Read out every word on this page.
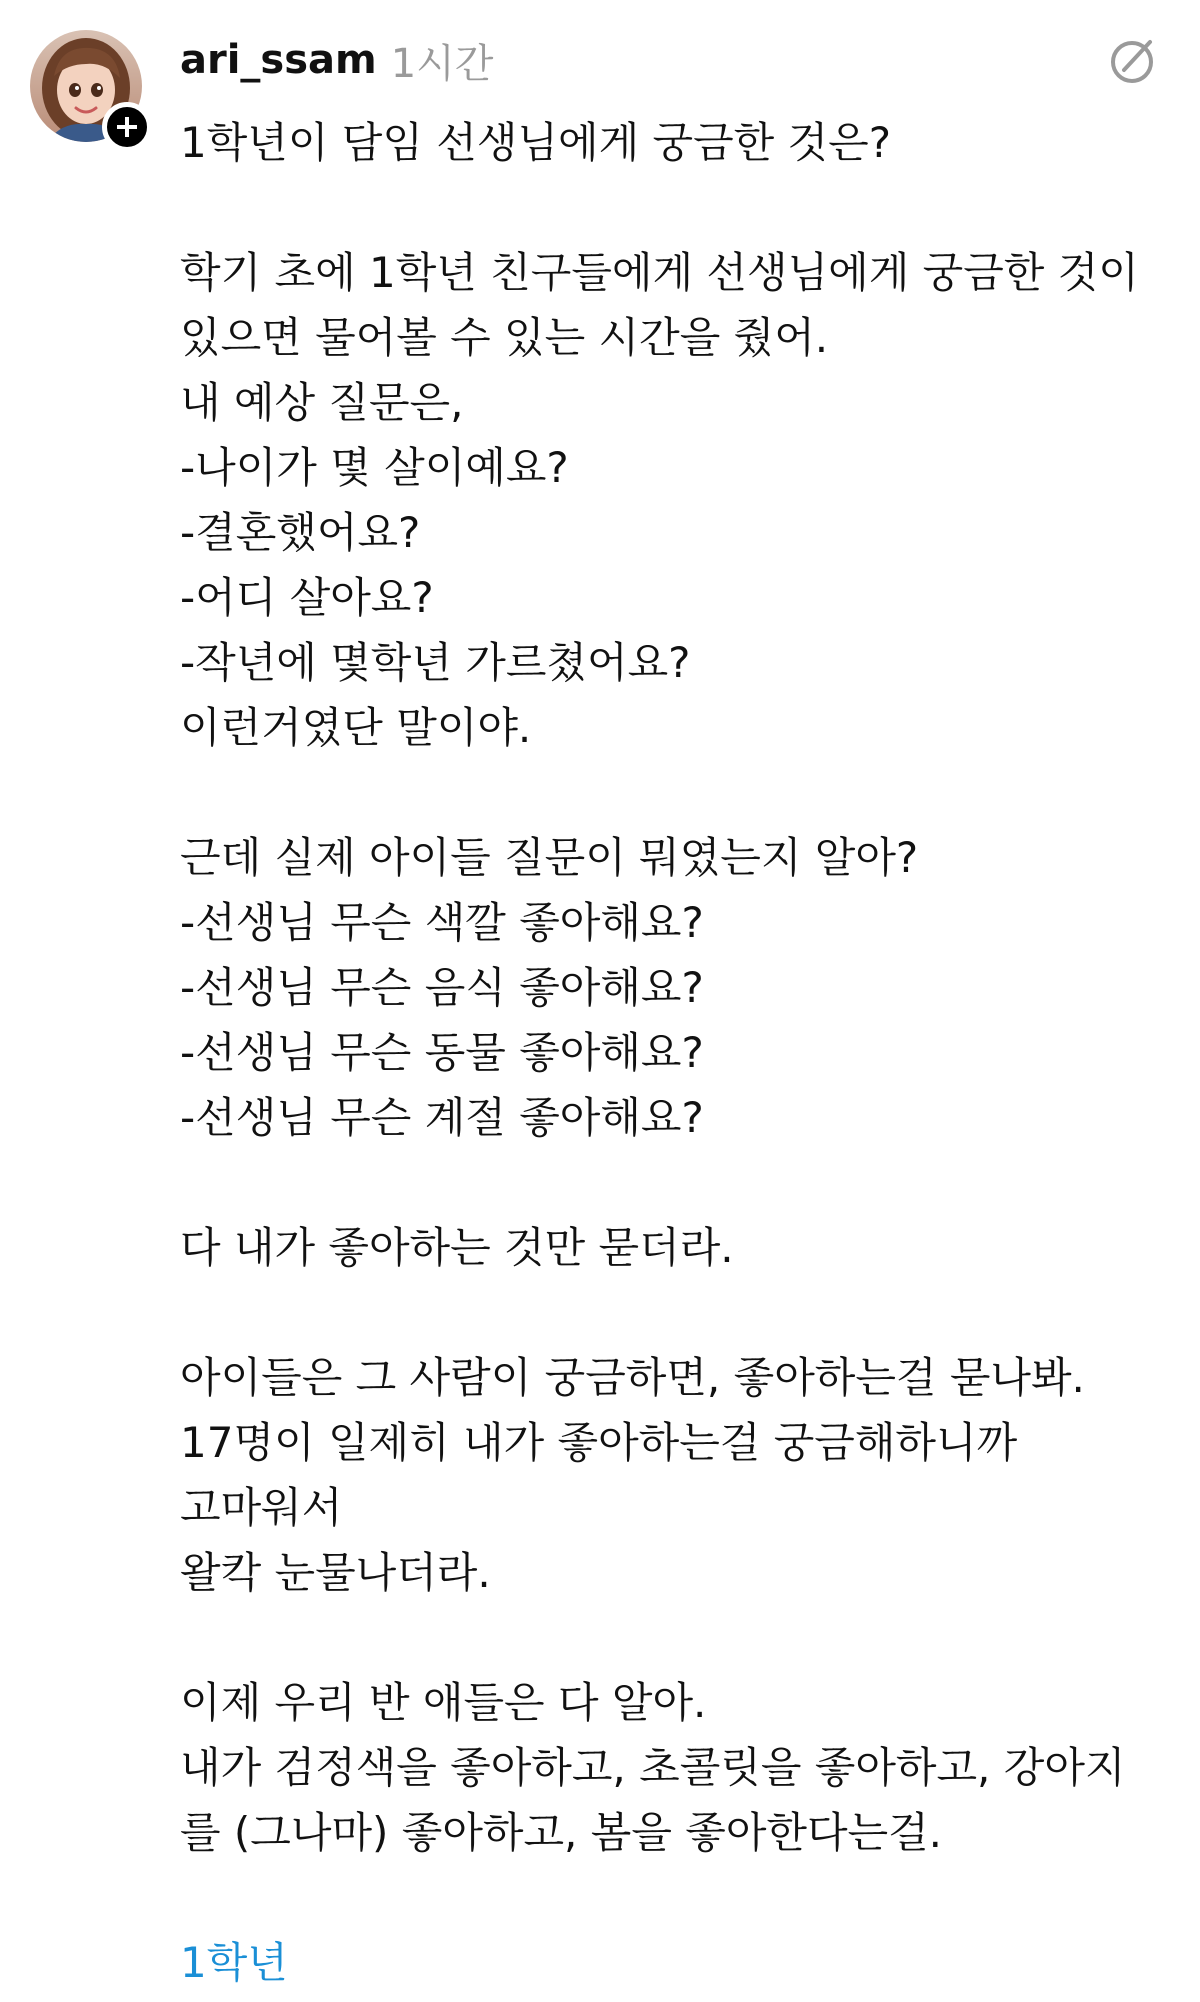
ari_ssam 1시간

1학년이 담임 선생님에게 궁금한 것은?

학기 초에 1학년 친구들에게 선생님에게 궁금한 것이
있으면 물어볼 수 있는 시간을 줬어.
내 예상 질문은,
-나이가 몇 살이예요?
-결혼했어요?
-어디 살아요?
-작년에 몇학년 가르쳤어요?
이런거였단 말이야.

근데 실제 아이들 질문이 뭐였는지 알아?
-선생님 무슨 색깔 좋아해요?
-선생님 무슨 음식 좋아해요?
-선생님 무슨 동물 좋아해요?
-선생님 무슨 계절 좋아해요?

다 내가 좋아하는 것만 묻더라.

아이들은 그 사람이 궁금하면, 좋아하는걸 묻나봐.
17명이 일제히 내가 좋아하는걸 궁금해하니까
고마워서
왈칵 눈물나더라.

이제 우리 반 애들은 다 알아.
내가 검정색을 좋아하고, 초콜릿을 좋아하고, 강아지
를 (그나마) 좋아하고, 봄을 좋아한다는걸.

1학년
